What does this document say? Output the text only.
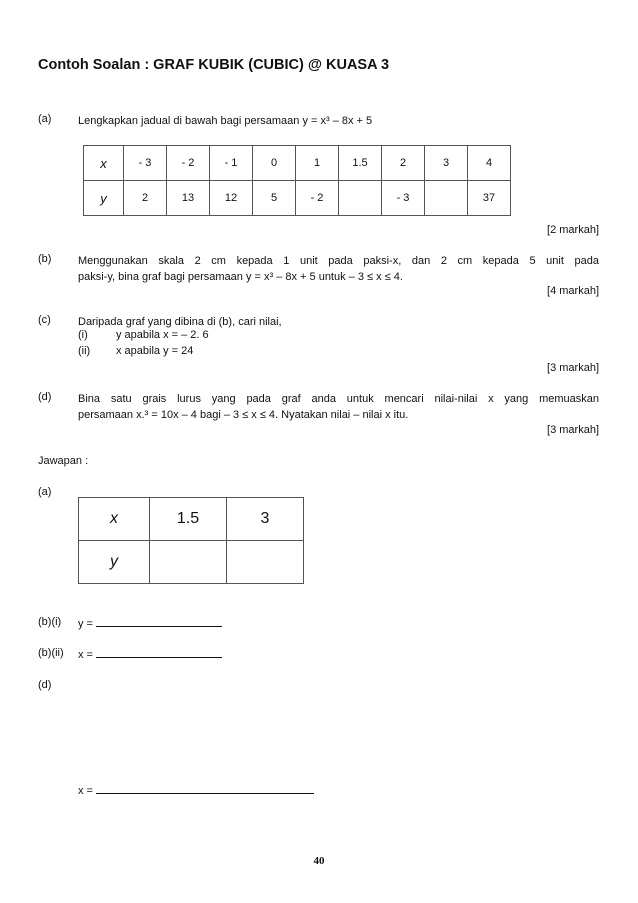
Contoh Soalan : GRAF KUBIK (CUBIC) @ KUASA 3
(a) Lengkapkan jadual di bawah bagi persamaan y = x³ – 8x + 5
x	- 3	- 2	- 1	0	1	1.5	2	3	4
y	2	13	12	5	- 2		- 3		37
[2 markah]
(b) Menggunakan skala 2 cm kepada 1 unit pada paksi-x, dan 2 cm kepada 5 unit pada
paksi-y, bina graf bagi persamaan y = x³ – 8x + 5 untuk – 3 ≤ x ≤ 4.
[4 markah]
(c) Daripada graf yang dibina di (b), cari nilai,
(i)	y apabila x = – 2. 6
(ii) x apabila y = 24
[3 markah]
(d) Bina satu grais lurus yang pada graf anda untuk mencari nilai-nilai x yang memuaskan
persamaan x.³ = 10x – 4 bagi – 3 ≤ x ≤ 4. Nyatakan nilai – nilai x itu.
[3 markah]
Jawapan :
(a)
x	1.5	3
y		
(b)(i) y =
(b)(ii) x =
(d)
x =
40
